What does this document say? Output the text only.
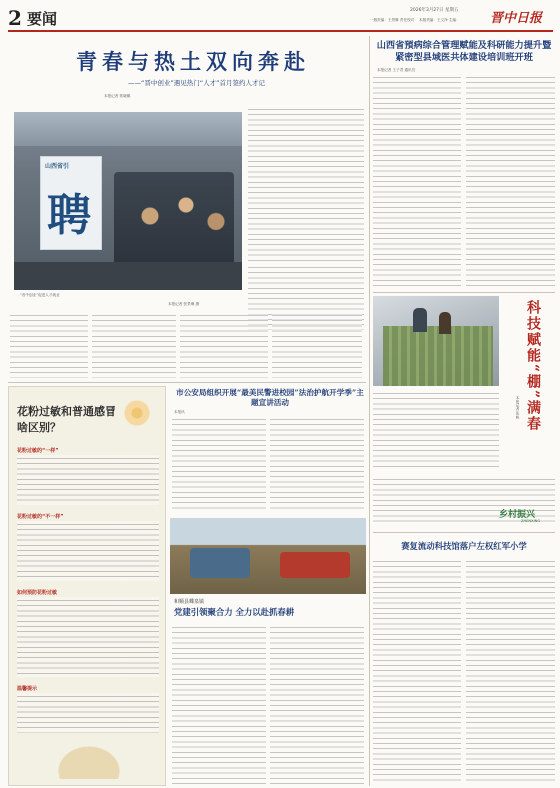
2 要闻	2026年3月27日 星期五
一版责编：王景琳 责任校对： 本版责编：王文净 主编： 晋中日报
青春与热土双向奔赴
——“晋中创业”遇见热门“人才”首月签约人才记
本报记者 郭晓娜
山西省引
聘
“晋中创业”促进人才就业
本报记者 张景琳 摄
山西省預病综合管理赋能及科研能力提升暨紧密型县域医共体建设培训班开班
本报记者 王子君 通讯员
科技赋能“棚”满春
本报记者 张帆
乡村振兴
ZHENXING
赛复流动科技馆落户左权红军小学
市公安局组织开展“最美民警进校园”法治护航开学季”主题宣讲活动
本报讯
花粉过敏和普通感冒
啥区别？
花粉过敏的“一样”
花粉过敏的“不一样”
如何预防花粉过敏
温馨提示
和顺县蝶泉镇
党建引领聚合力 全力以赴抓春耕
